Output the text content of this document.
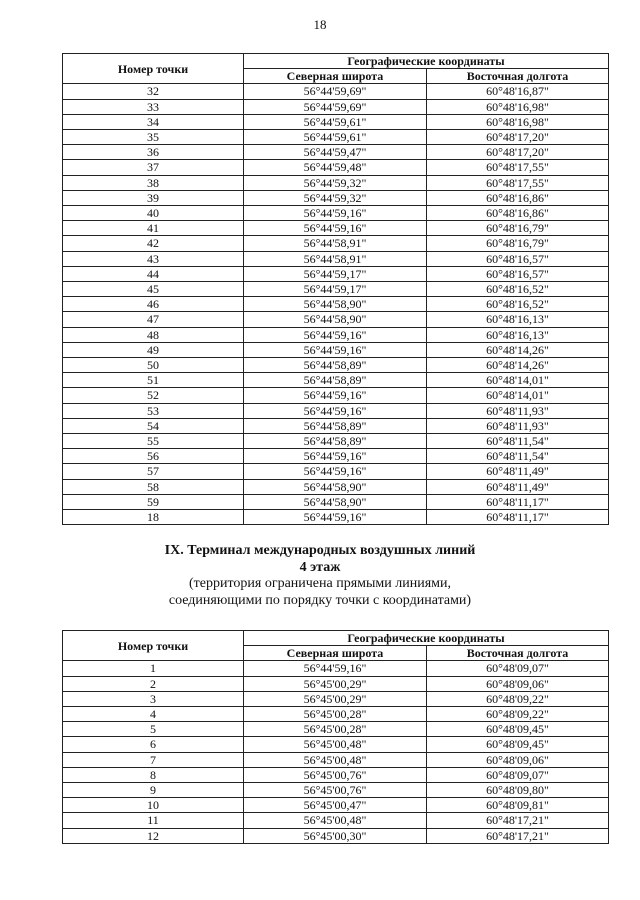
18
Номер точки	Географические координаты	
	Северная широта	Восточная долгота
32	56°44'59,69"	60°48'16,87"
33	56°44'59,69"	60°48'16,98"
34	56°44'59,61"	60°48'16,98"
35	56°44'59,61"	60°48'17,20"
36	56°44'59,47"	60°48'17,20"
37	56°44'59,48"	60°48'17,55"
38	56°44'59,32"	60°48'17,55"
39	56°44'59,32"	60°48'16,86"
40	56°44'59,16"	60°48'16,86"
41	56°44'59,16"	60°48'16,79"
42	56°44'58,91"	60°48'16,79"
43	56°44'58,91"	60°48'16,57"
44	56°44'59,17"	60°48'16,57"
45	56°44'59,17"	60°48'16,52"
46	56°44'58,90"	60°48'16,52"
47	56°44'58,90"	60°48'16,13"
48	56°44'59,16"	60°48'16,13"
49	56°44'59,16"	60°48'14,26"
50	56°44'58,89"	60°48'14,26"
51	56°44'58,89"	60°48'14,01"
52	56°44'59,16"	60°48'14,01"
53	56°44'59,16"	60°48'11,93"
54	56°44'58,89"	60°48'11,93"
55	56°44'58,89"	60°48'11,54"
56	56°44'59,16"	60°48'11,54"
57	56°44'59,16"	60°48'11,49"
58	56°44'58,90"	60°48'11,49"
59	56°44'58,90"	60°48'11,17"
18	56°44'59,16"	60°48'11,17"
IX. Терминал международных воздушных линий
4 этаж
(территория ограничена прямыми линиями,
соединяющими по порядку точки с координатами)
Номер точки	Географические координаты	
	Северная широта	Восточная долгота
1	56°44'59,16"	60°48'09,07"
2	56°45'00,29"	60°48'09,06"
3	56°45'00,29"	60°48'09,22"
4	56°45'00,28"	60°48'09,22"
5	56°45'00,28"	60°48'09,45"
6	56°45'00,48"	60°48'09,45"
7	56°45'00,48"	60°48'09,06"
8	56°45'00,76"	60°48'09,07"
9	56°45'00,76"	60°48'09,80"
10	56°45'00,47"	60°48'09,81"
11	56°45'00,48"	60°48'17,21"
12	56°45'00,30"	60°48'17,21"
